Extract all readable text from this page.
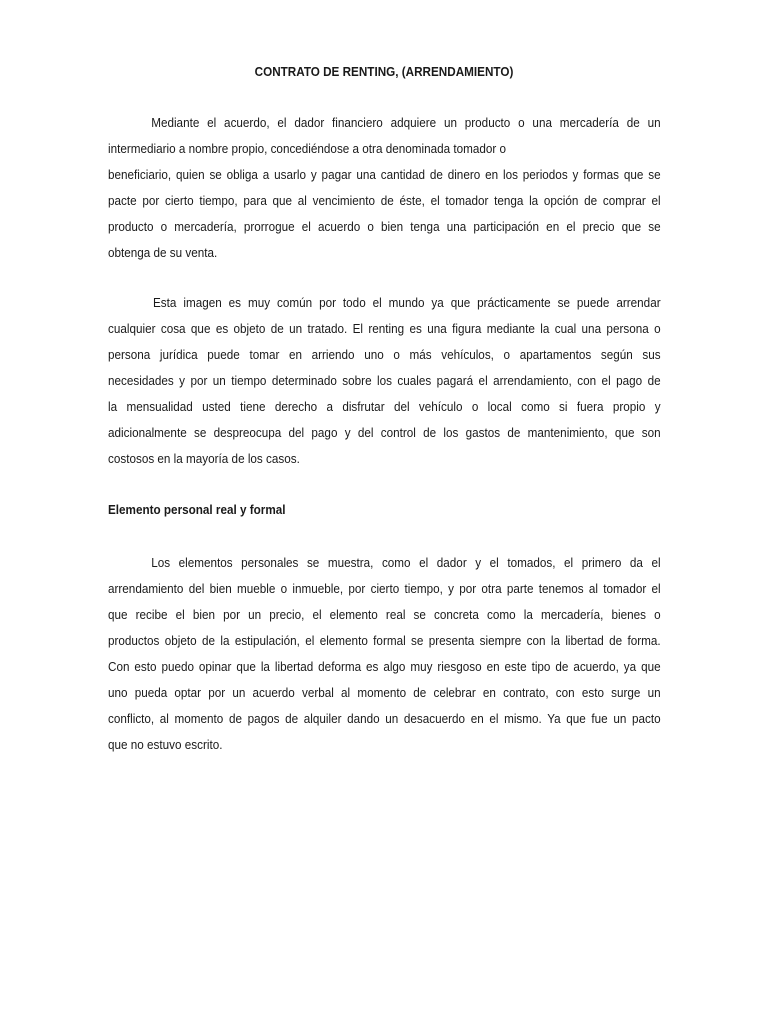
CONTRATO DE RENTING, (ARRENDAMIENTO)
Mediante el acuerdo, el dador financiero adquiere un producto o una mercadería de un
intermediario a nombre propio, concediéndose a otra denominada tomador o
beneficiario, quien se obliga a usarlo y pagar una cantidad de dinero en los periodos y formas que se
pacte por cierto tiempo, para que al vencimiento de éste, el tomador tenga la opción de comprar el
producto o mercadería, prorrogue el acuerdo o bien tenga una participación en el precio que se
obtenga de su venta.
Esta imagen es muy común por todo el mundo ya que prácticamente se puede arrendar
cualquier cosa que es objeto de un tratado. El renting es una figura mediante la cual una persona o
persona jurídica puede tomar en arriendo uno o más vehículos, o apartamentos según sus
necesidades y por un tiempo determinado sobre los cuales pagará el arrendamiento, con el pago de
la mensualidad usted tiene derecho a disfrutar del vehículo o local como si fuera propio y
adicionalmente se despreocupa del pago y del control de los gastos de mantenimiento, que son
costosos en la mayoría de los casos.
Elemento personal real y formal
Los elementos personales se muestra, como el dador y el tomados, el primero da el
arrendamiento del bien mueble o inmueble, por cierto tiempo, y por otra parte tenemos al tomador el
que recibe el bien por un precio, el elemento real se concreta como la mercadería, bienes o
productos objeto de la estipulación, el elemento formal se presenta siempre con la libertad de forma.
Con esto puedo opinar que la libertad deforma es algo muy riesgoso en este tipo de acuerdo, ya que
uno pueda optar por un acuerdo verbal al momento de celebrar en contrato, con esto surge un
conflicto, al momento de pagos de alquiler dando un desacuerdo en el mismo. Ya que fue un pacto
que no estuvo escrito.
